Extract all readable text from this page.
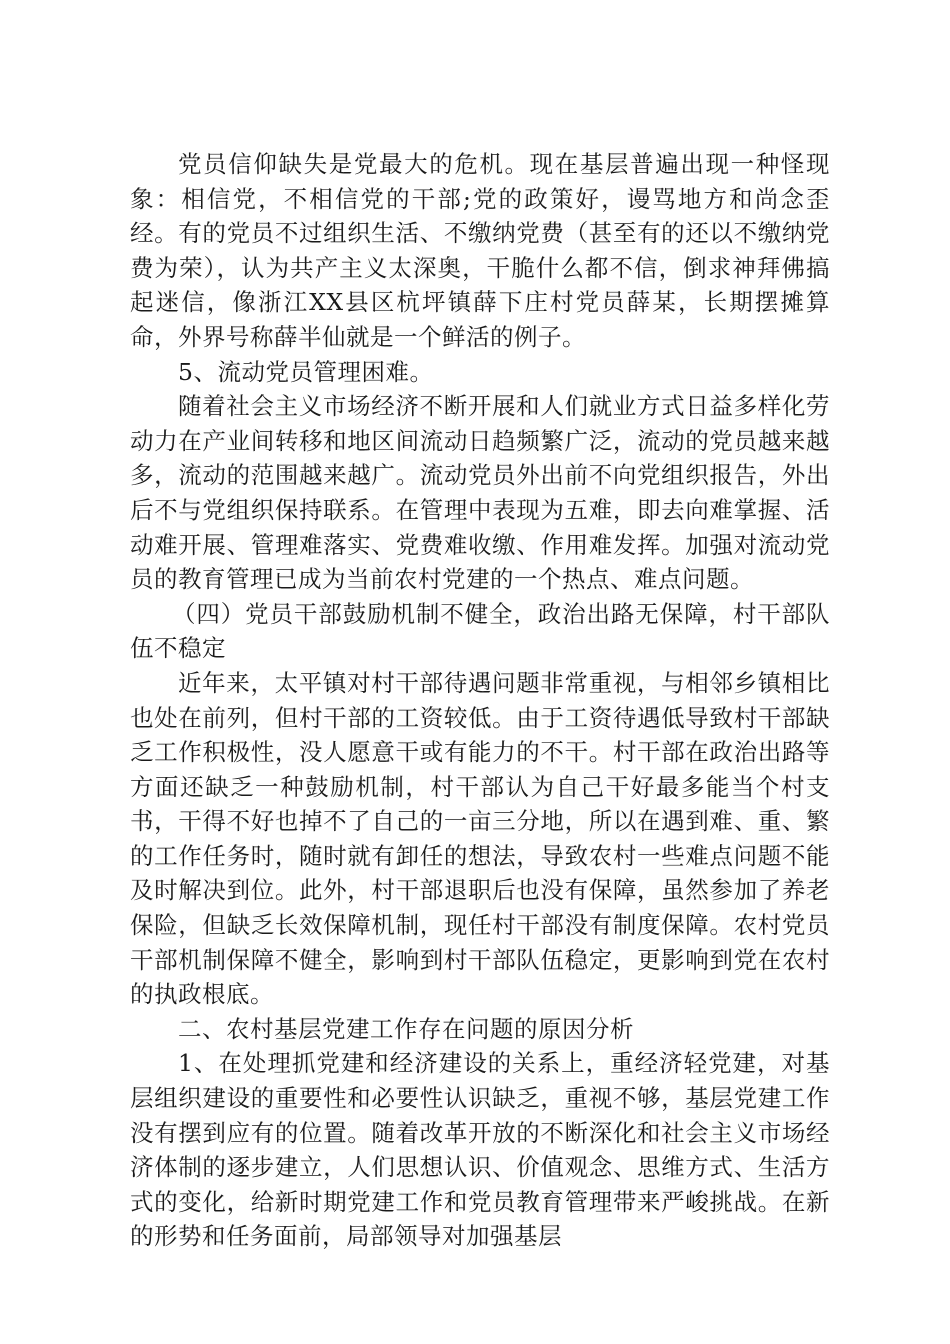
党员信仰缺失是党最大的危机。现在基层普遍出现一种怪现象：相信党，不相信党的干部;党的政策好，谩骂地方和尚念歪经。有的党员不过组织生活、不缴纳党费（甚至有的还以不缴纳党费为荣），认为共产主义太深奥，干脆什么都不信，倒求神拜佛搞起迷信，像浙江XX县区杭坪镇薛下庄村党员薛某，长期摆摊算命，外界号称薛半仙就是一个鲜活的例子。

5、流动党员管理困难。

随着社会主义市场经济不断开展和人们就业方式日益多样化劳动力在产业间转移和地区间流动日趋频繁广泛，流动的党员越来越多，流动的范围越来越广。流动党员外出前不向党组织报告，外出后不与党组织保持联系。在管理中表现为五难，即去向难掌握、活动难开展、管理难落实、党费难收缴、作用难发挥。加强对流动党员的教育管理已成为当前农村党建的一个热点、难点问题。

（四）党员干部鼓励机制不健全，政治出路无保障，村干部队伍不稳定

近年来，太平镇对村干部待遇问题非常重视，与相邻乡镇相比也处在前列，但村干部的工资较低。由于工资待遇低导致村干部缺乏工作积极性，没人愿意干或有能力的不干。村干部在政治出路等方面还缺乏一种鼓励机制，村干部认为自己干好最多能当个村支书，干得不好也掉不了自己的一亩三分地，所以在遇到难、重、繁的工作任务时，随时就有卸任的想法，导致农村一些难点问题不能及时解决到位。此外，村干部退职后也没有保障，虽然参加了养老保险，但缺乏长效保障机制，现任村干部没有制度保障。农村党员干部机制保障不健全，影响到村干部队伍稳定，更影响到党在农村的执政根底。

二、农村基层党建工作存在问题的原因分析

1、在处理抓党建和经济建设的关系上，重经济轻党建，对基层组织建设的重要性和必要性认识缺乏，重视不够，基层党建工作没有摆到应有的位置。随着改革开放的不断深化和社会主义市场经济体制的逐步建立，人们思想认识、价值观念、思维方式、生活方式的变化，给新时期党建工作和党员教育管理带来严峻挑战。在新的形势和任务面前，局部领导对加强基层
